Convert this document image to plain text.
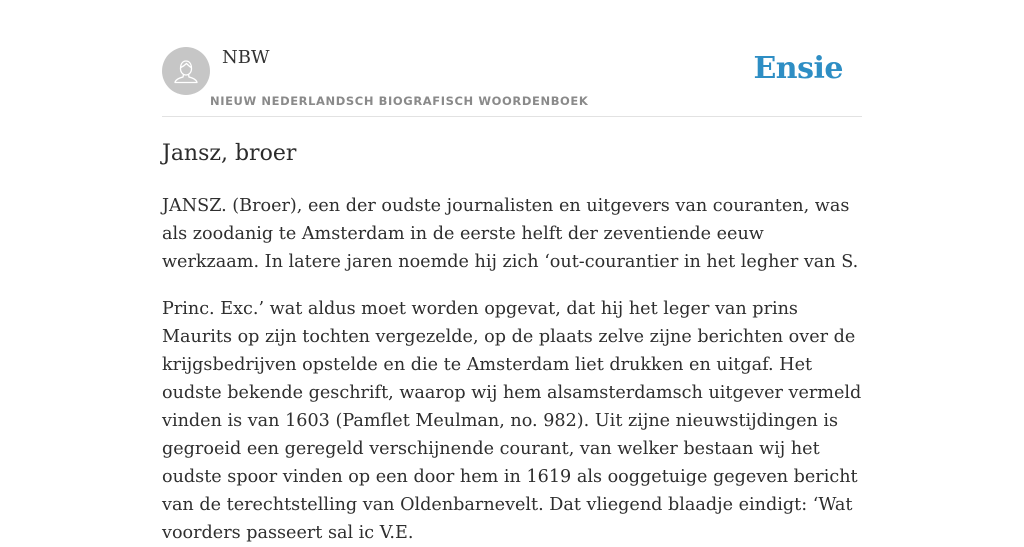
NBW
NIEUW NEDERLANDSCH BIOGRAFISCH WOORDENBOEK
Ensie
Jansz, broer

JANSZ. (Broer), een der oudste journalisten en uitgevers van couranten, was als zoodanig te Amsterdam in de eerste helft der zeventiende eeuw werkzaam. In latere jaren noemde hij zich ‘out-courantier in het legher van S.

Princ. Exc.’ wat aldus moet worden opgevat, dat hij het leger van prins Maurits op zijn tochten vergezelde, op de plaats zelve zijne berichten over de krijgsbedrijven opstelde en die te Amsterdam liet drukken en uitgaf. Het oudste bekende geschrift, waarop wij hem alsamsterdamsch uitgever vermeld vinden is van 1603 (Pamflet Meulman, no. 982). Uit zijne nieuwstijdingen is gegroeid een geregeld verschijnende courant, van welker bestaan wij het oudste spoor vinden op een door hem in 1619 als ooggetuige gegeven bericht van de terechtstelling van Oldenbarnevelt. Dat vliegend blaadje eindigt: ‘Wat voorders passeert sal ic V.E.
